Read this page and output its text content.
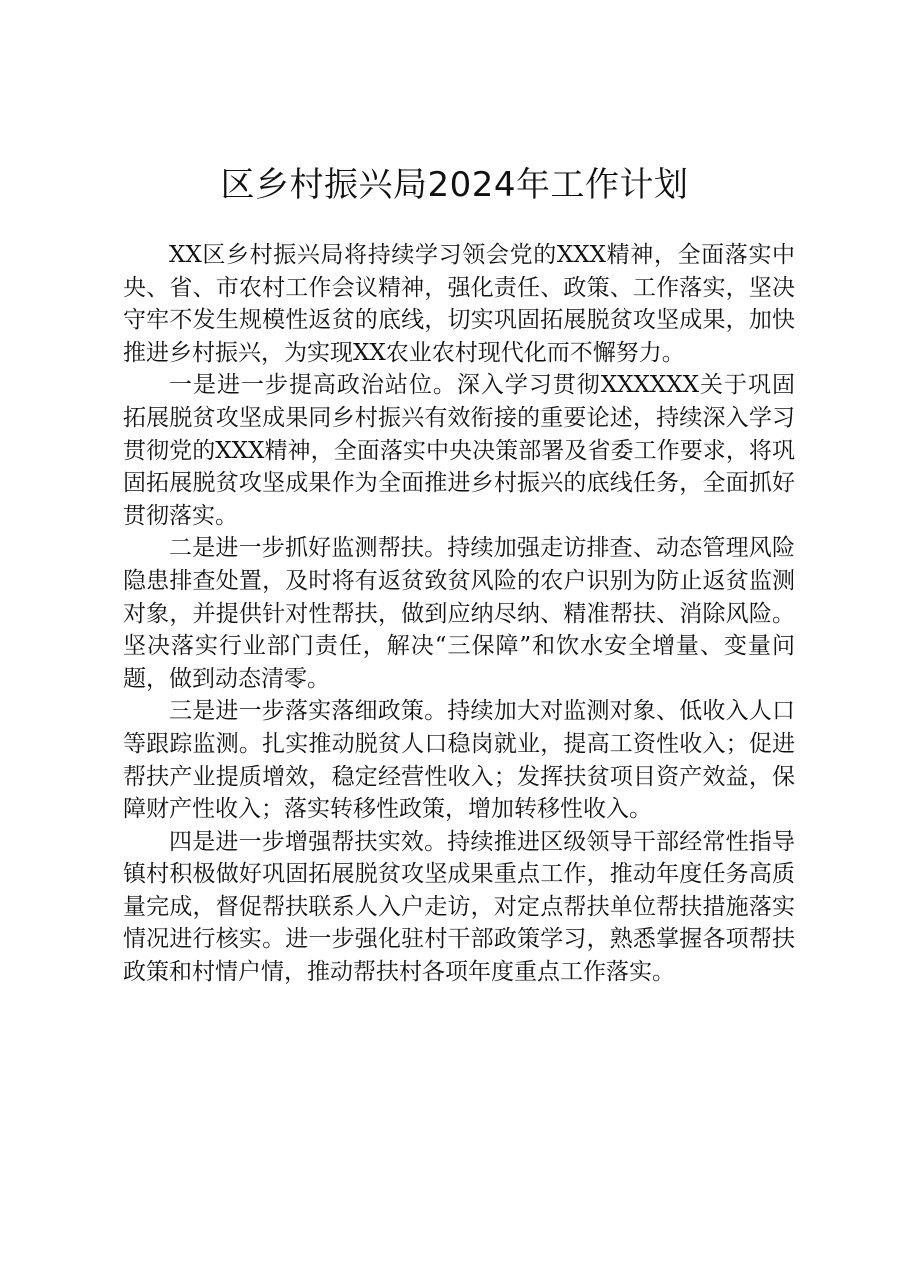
区乡村振兴局2024年工作计划

XX区乡村振兴局将持续学习领会党的XXX精神，全面落实中央、省、市农村工作会议精神，强化责任、政策、工作落实，坚决守牢不发生规模性返贫的底线，切实巩固拓展脱贫攻坚成果，加快推进乡村振兴，为实现XX农业农村现代化而不懈努力。

一是进一步提高政治站位。深入学习贯彻XXXXXX关于巩固拓展脱贫攻坚成果同乡村振兴有效衔接的重要论述，持续深入学习贯彻党的XXX精神，全面落实中央决策部署及省委工作要求，将巩固拓展脱贫攻坚成果作为全面推进乡村振兴的底线任务，全面抓好贯彻落实。

二是进一步抓好监测帮扶。持续加强走访排查、动态管理风险隐患排查处置，及时将有返贫致贫风险的农户识别为防止返贫监测对象，并提供针对性帮扶，做到应纳尽纳、精准帮扶、消除风险。坚决落实行业部门责任，解决“三保障”和饮水安全增量、变量问题，做到动态清零。

三是进一步落实落细政策。持续加大对监测对象、低收入人口等跟踪监测。扎实推动脱贫人口稳岗就业，提高工资性收入；促进帮扶产业提质增效，稳定经营性收入；发挥扶贫项目资产效益，保障财产性收入；落实转移性政策，增加转移性收入。

四是进一步增强帮扶实效。持续推进区级领导干部经常性指导镇村积极做好巩固拓展脱贫攻坚成果重点工作，推动年度任务高质量完成，督促帮扶联系人入户走访，对定点帮扶单位帮扶措施落实情况进行核实。进一步强化驻村干部政策学习，熟悉掌握各项帮扶政策和村情户情，推动帮扶村各项年度重点工作落实。
